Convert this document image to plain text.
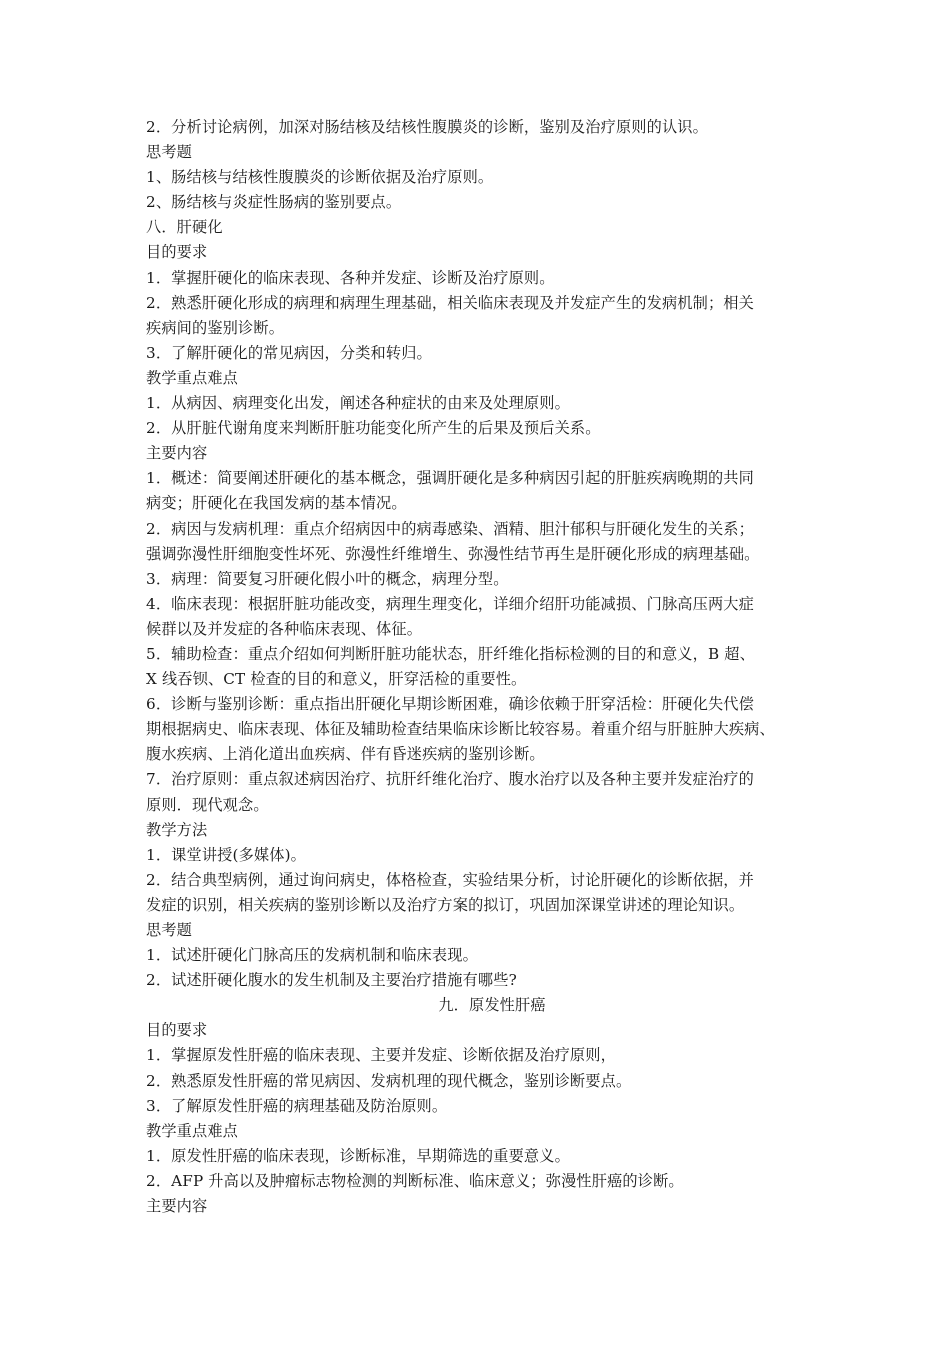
2．分析讨论病例，加深对肠结核及结核性腹膜炎的诊断，鉴别及治疗原则的认识。

思考题

1、肠结核与结核性腹膜炎的诊断依据及治疗原则。

2、肠结核与炎症性肠病的鉴别要点。

八．肝硬化

目的要求

1．掌握肝硬化的临床表现、各种并发症、诊断及治疗原则。

2．熟悉肝硬化形成的病理和病理生理基础，相关临床表现及并发症产生的发病机制；相关

疾病间的鉴别诊断。

3．了解肝硬化的常见病因，分类和转归。

教学重点难点

1．从病因、病理变化出发，阐述各种症状的由来及处理原则。

2．从肝脏代谢角度来判断肝脏功能变化所产生的后果及预后关系。

主要内容

1．概述：简要阐述肝硬化的基本概念，强调肝硬化是多种病因引起的肝脏疾病晚期的共同

病变；肝硬化在我国发病的基本情况。

2．病因与发病机理：重点介绍病因中的病毒感染、酒精、胆汁郁积与肝硬化发生的关系；

强调弥漫性肝细胞变性坏死、弥漫性纤维增生、弥漫性结节再生是肝硬化形成的病理基础。

3．病理：简要复习肝硬化假小叶的概念，病理分型。

4．临床表现：根据肝脏功能改变，病理生理变化，详细介绍肝功能减损、门脉高压两大症

候群以及并发症的各种临床表现、体征。

5．辅助检查：重点介绍如何判断肝脏功能状态，肝纤维化指标检测的目的和意义，B 超、

X 线吞钡、CT 检查的目的和意义，肝穿活检的重要性。

6．诊断与鉴别诊断：重点指出肝硬化早期诊断困难，确诊依赖于肝穿活检：肝硬化失代偿

期根据病史、临床表现、体征及辅助检查结果临床诊断比较容易。着重介绍与肝脏肿大疾病、

腹水疾病、上消化道出血疾病、伴有昏迷疾病的鉴别诊断。

7．治疗原则：重点叙述病因治疗、抗肝纤维化治疗、腹水治疗以及各种主要并发症治疗的

原则．现代观念。

教学方法

1．课堂讲授(多媒体)。

2．结合典型病例，通过询问病史，体格检查，实验结果分析，讨论肝硬化的诊断依据，并

发症的识别，相关疾病的鉴别诊断以及治疗方案的拟订，巩固加深课堂讲述的理论知识。

思考题

1．试述肝硬化门脉高压的发病机制和临床表现。

2．试述肝硬化腹水的发生机制及主要治疗措施有哪些?

九．原发性肝癌

目的要求

1．掌握原发性肝癌的临床表现、主要并发症、诊断依据及治疗原则，

2．熟悉原发性肝癌的常见病因、发病机理的现代概念，鉴别诊断要点。

3．了解原发性肝癌的病理基础及防治原则。

教学重点难点

1．原发性肝癌的临床表现，诊断标准，早期筛选的重要意义。

2．AFP 升高以及肿瘤标志物检测的判断标准、临床意义；弥漫性肝癌的诊断。

主要内容
